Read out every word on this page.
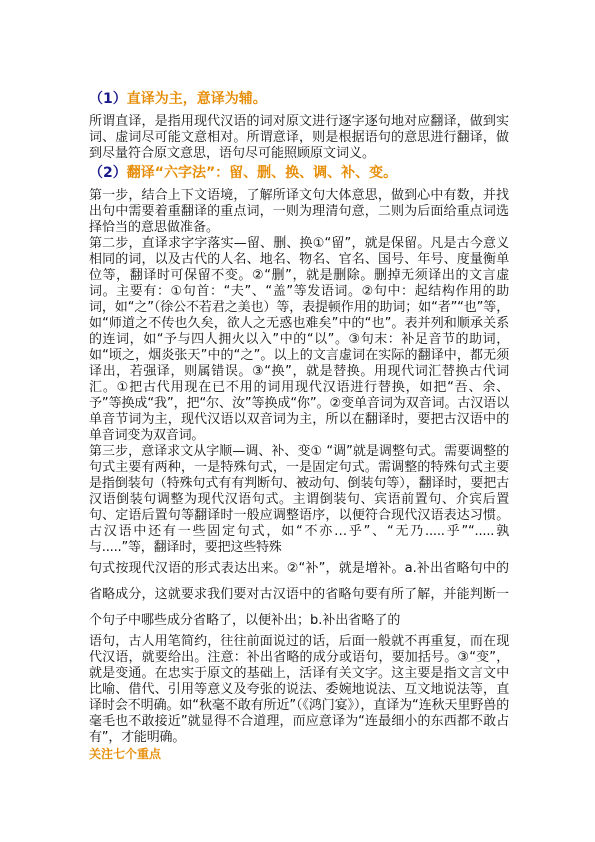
（1）直译为主，意译为辅。

所谓直译，是指用现代汉语的词对原文进行逐字逐句地对应翻译，做到实词、虚词尽可能文意相对。所谓意译，则是根据语句的意思进行翻译，做到尽量符合原文意思，语句尽可能照顾原文词义。

（2）翻译“六字法”：留、删、换、调、补、变。

第一步，结合上下文语境，了解所译文句大体意思，做到心中有数，并找出句中需要着重翻译的重点词，一则为理清句意，二则为后面给重点词选择恰当的意思做准备。

第二步，直译求字字落实—留、删、换①“留”，就是保留。凡是古今意义相同的词，以及古代的人名、地名、物名、官名、国号、年号、度量衡单位等，翻译时可保留不变。②“删”，就是删除。删掉无须译出的文言虚词。主要有：①句首：“夫”、“盖”等发语词。②句中：起结构作用的助词，如“之”（徐公不若君之美也）等，表提顿作用的助词；如“者”“也”等，如“师道之不传也久矣，欲人之无惑也难矣”中的“也”。表并列和顺承关系的连词，如“予与四人拥火以入”中的“以”。③句末：补足音节的助词，如“顷之，烟炎张天”中的“之”。以上的文言虚词在实际的翻译中，都无须译出，若强译，则属错误。③“换”，就是替换。用现代词汇替换古代词汇。①把古代用现在已不用的词用现代汉语进行替换，如把“吾、余、予”等换成“我”，把“尔、汝”等换成“你”。②变单音词为双音词。古汉语以单音节词为主，现代汉语以双音词为主，所以在翻译时，要把古汉语中的单音词变为双音词。

第三步，意译求文从字顺—调、补、变① “调”就是调整句式。需要调整的句式主要有两种，一是特殊句式，一是固定句式。需调整的特殊句式主要是指倒装句（特殊句式有有判断句、被动句、倒装句等），翻译时，要把古汉语倒装句调整为现代汉语句式。主谓倒装句、宾语前置句、介宾后置句、定语后置句等翻译时一般应调整语序，以便符合现代汉语表达习惯。古汉语中还有一些固定句式，如“不亦…乎”、“无乃.....乎”“.....孰与.....”等，翻译时，要把这些特殊

句式按现代汉语的形式表达出来。②“补”，就是增补。a.补出省略句中的省略成分，这就要求我们要对古汉语中的省略句要有所了解，并能判断一个句子中哪些成分省略了，以便补出；b.补出省略了的

语句，古人用笔简约，往往前面说过的话，后面一般就不再重复，而在现代汉语，就要给出。注意：补出省略的成分或语句，要加括号。③“变”，就是变通。在忠实于原文的基础上，活译有关文字。这主要是指文言文中比喻、借代、引用等意义及夸张的说法、委婉地说法、互文地说法等，直译时会不明确。如“秋毫不敢有所近”（《鸿门宴》），直译为“连秋天里野兽的毫毛也不敢接近”就显得不合道理，而应意译为“连最细小的东西都不敢占有”，才能明确。

关注七个重点
